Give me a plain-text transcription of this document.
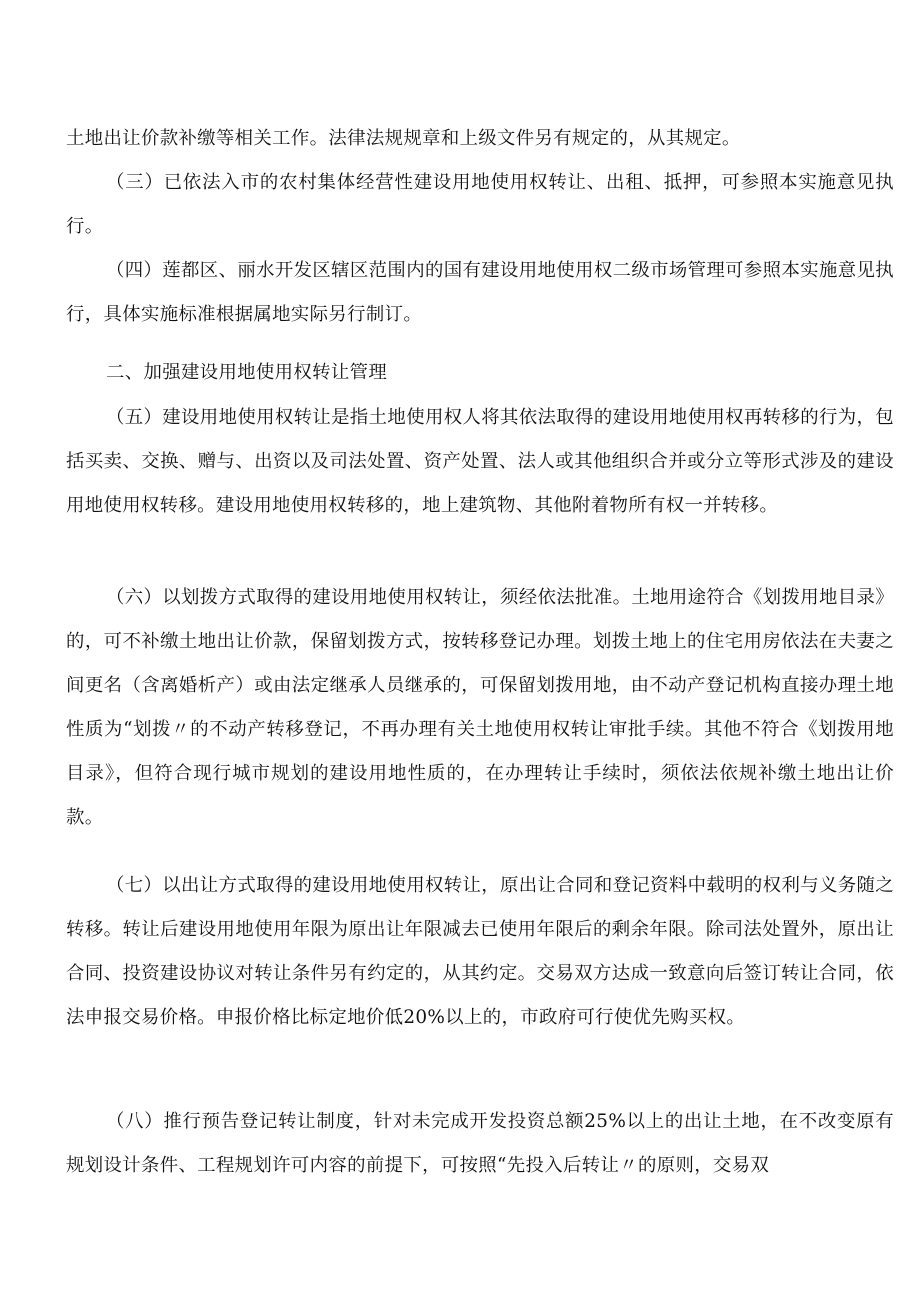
土地出让价款补缴等相关工作。法律法规规章和上级文件另有规定的，从其规定。

（三）已依法入市的农村集体经营性建设用地使用权转让、出租、抵押，可参照本实施意见执行。

（四）莲都区、丽水开发区辖区范围内的国有建设用地使用权二级市场管理可参照本实施意见执行，具体实施标准根据属地实际另行制订。

二、加强建设用地使用权转让管理

（五）建设用地使用权转让是指土地使用权人将其依法取得的建设用地使用权再转移的行为，包括买卖、交换、赠与、出资以及司法处置、资产处置、法人或其他组织合并或分立等形式涉及的建设用地使用权转移。建设用地使用权转移的，地上建筑物、其他附着物所有权一并转移。

（六）以划拨方式取得的建设用地使用权转让，须经依法批准。土地用途符合《划拨用地目录》的，可不补缴土地出让价款，保留划拨方式，按转移登记办理。划拨土地上的住宅用房依法在夫妻之间更名（含离婚析产）或由法定继承人员继承的，可保留划拨用地，由不动产登记机构直接办理土地性质为“划拨〃的不动产转移登记，不再办理有关土地使用权转让审批手续。其他不符合《划拨用地目录》，但符合现行城市规划的建设用地性质的，在办理转让手续时，须依法依规补缴土地出让价款。

（七）以出让方式取得的建设用地使用权转让，原出让合同和登记资料中载明的权利与义务随之转移。转让后建设用地使用年限为原出让年限减去已使用年限后的剩余年限。除司法处置外，原出让合同、投资建设协议对转让条件另有约定的，从其约定。交易双方达成一致意向后签订转让合同，依法申报交易价格。申报价格比标定地价低20%以上的，市政府可行使优先购买权。

（八）推行预告登记转让制度，针对未完成开发投资总额25%以上的出让土地，在不改变原有规划设计条件、工程规划许可内容的前提下，可按照“先投入后转让〃的原则，交易双
